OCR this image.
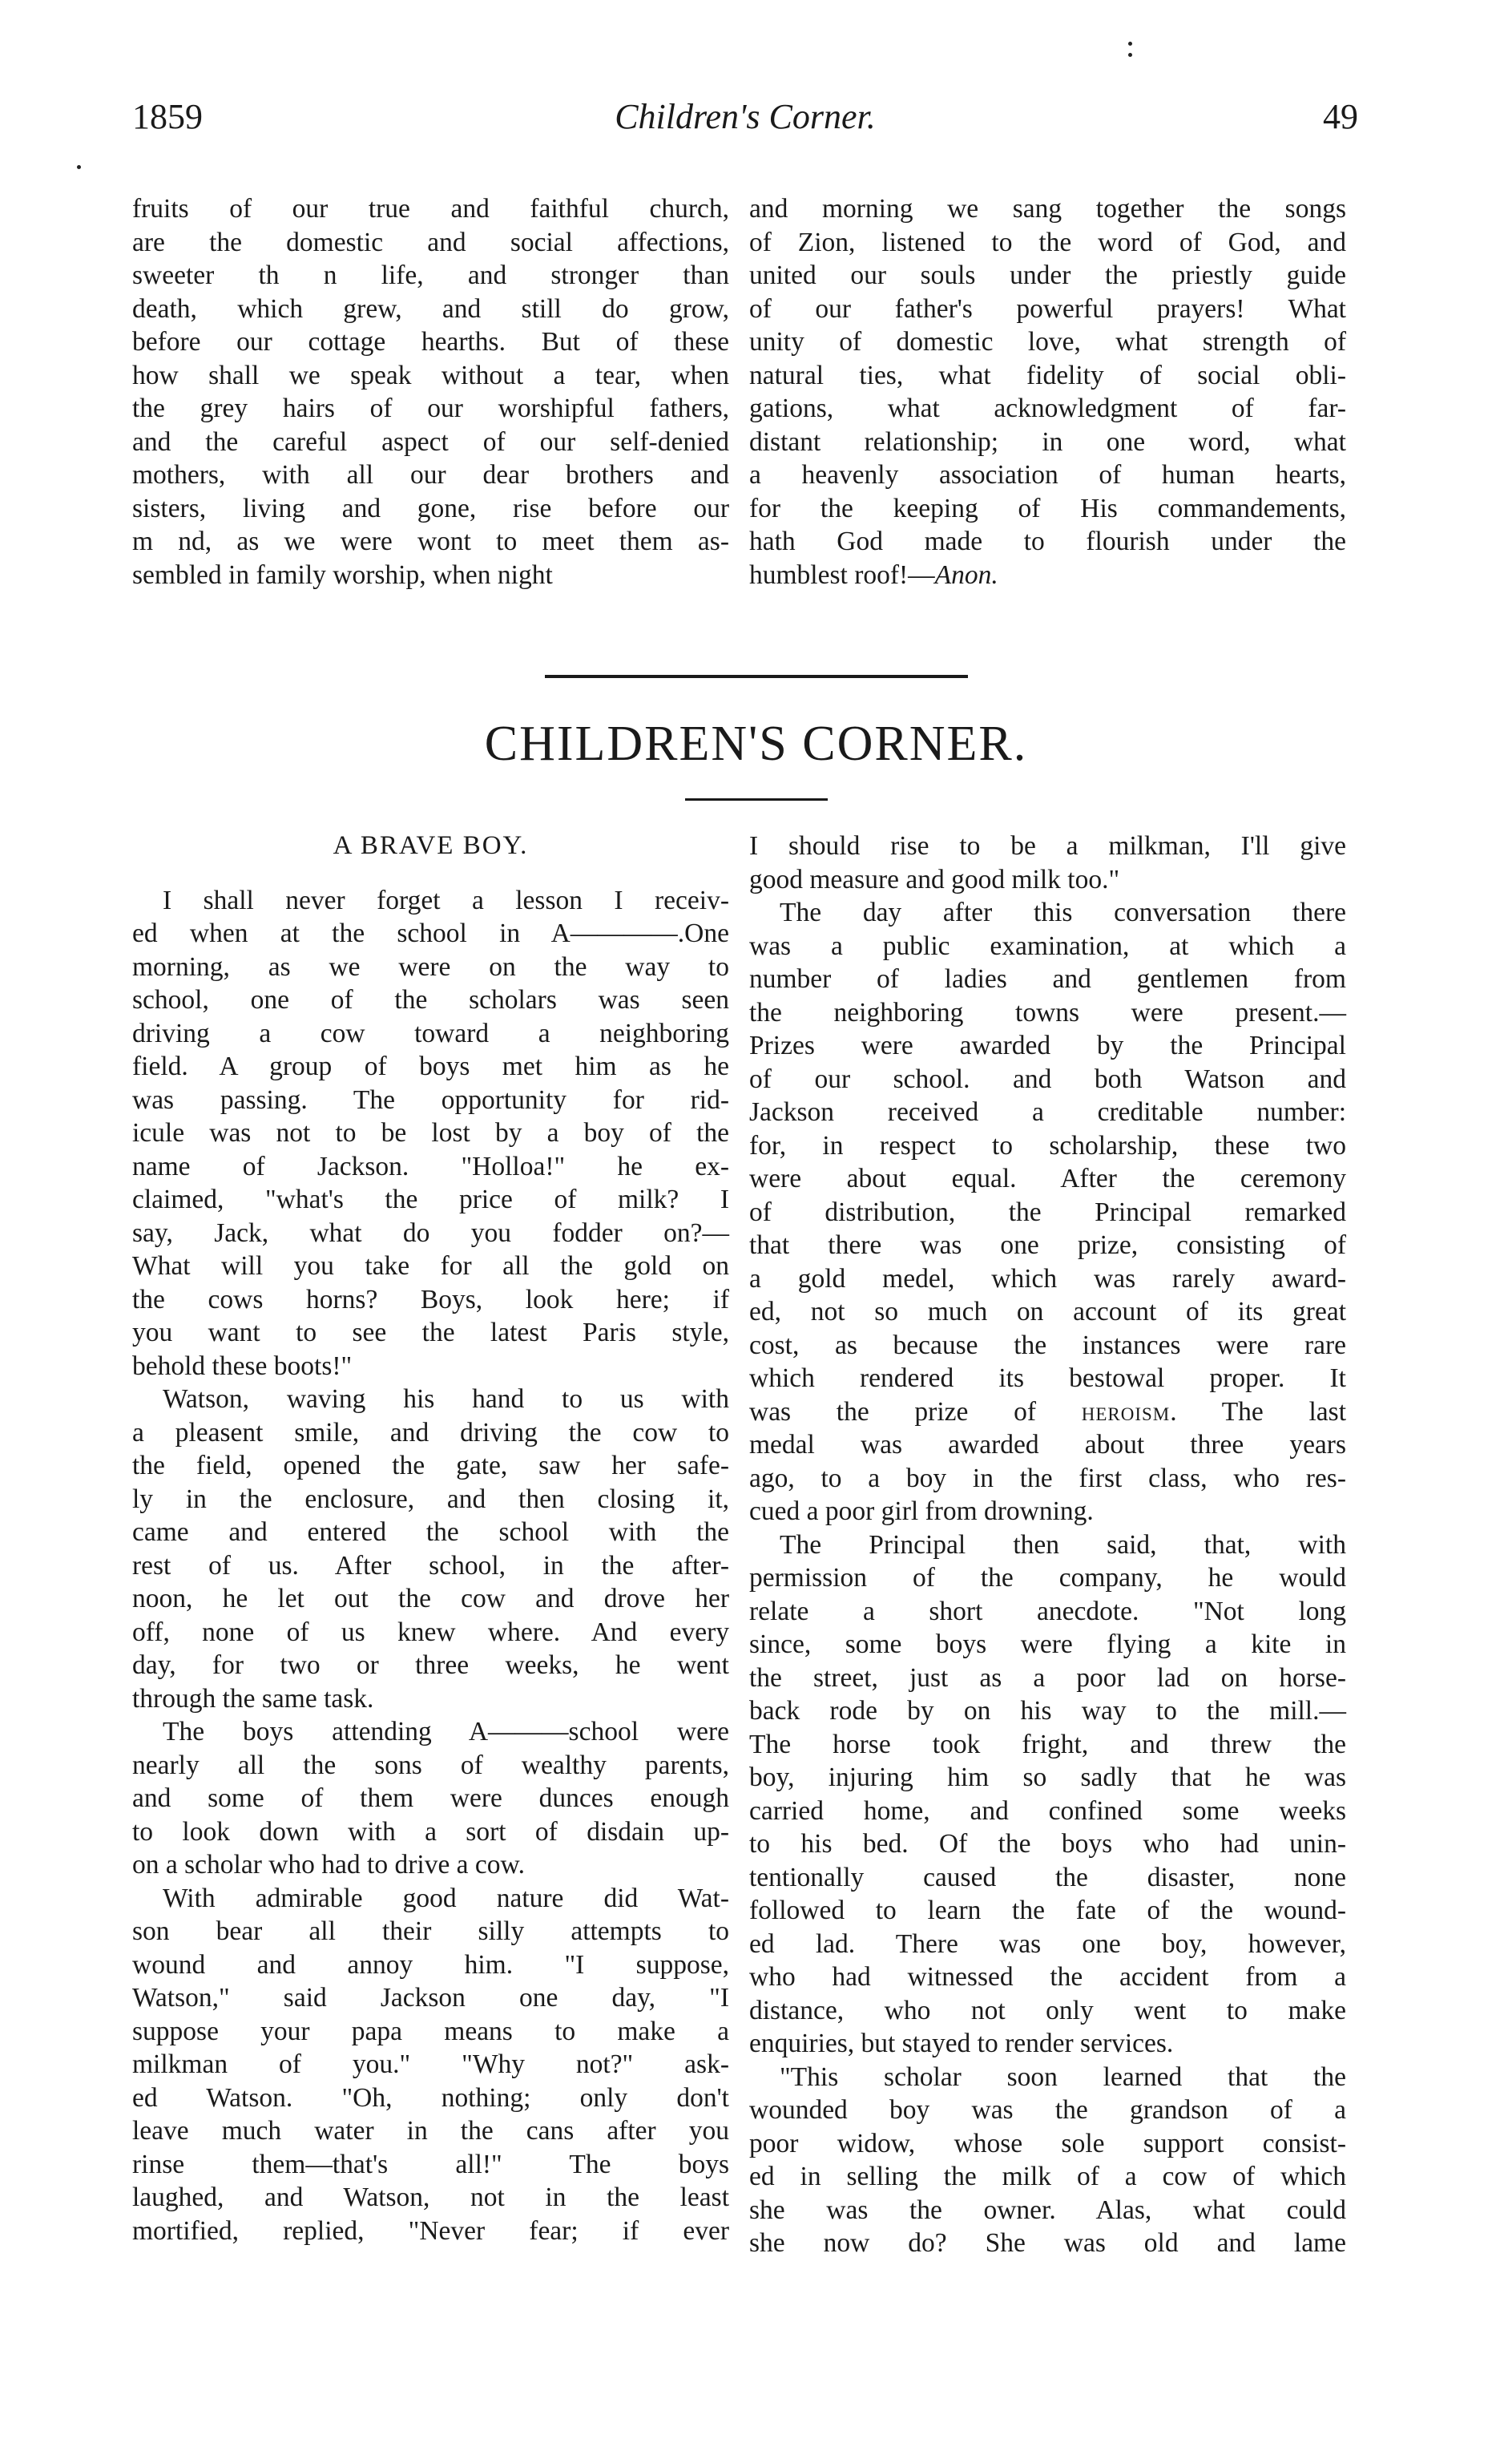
1859	Children's Corner.	49
fruits of our true and faithful church,
are the domestic and social affections,
sweeter th n life, and stronger than
death, which grew, and still do grow,
before our cottage hearths. But of these
how shall we speak without a tear, when
the grey hairs of our worshipful fathers,
and the careful aspect of our self-denied
mothers, with all our dear brothers and
sisters, living and gone, rise before our
m nd, as we were wont to meet them as-
sembled in family worship, when night
and morning we sang together the songs
of Zion, listened to the word of God, and
united our souls under the priestly guide
of our father's powerful prayers! What
unity of domestic love, what strength of
natural ties, what fidelity of social obli-
gations, what acknowledgment of far-
distant relationship; in one word, what
a heavenly association of human hearts,
for the keeping of His commandements,
hath God made to flourish under the
humblest roof!—Anon.
CHILDREN'S CORNER.
A BRAVE BOY.
I shall never forget a lesson I receiv-
ed when at the school in A————.One
morning, as we were on the way to
school, one of the scholars was seen
driving a cow toward a neighboring
field. A group of boys met him as he
was passing. The opportunity for rid-
icule was not to be lost by a boy of the
name of Jackson. "Holloa!" he ex-
claimed, "what's the price of milk? I
say, Jack, what do you fodder on?—
What will you take for all the gold on
the cows horns? Boys, look here; if
you want to see the latest Paris style,
behold these boots!"
Watson, waving his hand to us with
a pleasent smile, and driving the cow to
the field, opened the gate, saw her safe-
ly in the enclosure, and then closing it,
came and entered the school with the
rest of us. After school, in the after-
noon, he let out the cow and drove her
off, none of us knew where. And every
day, for two or three weeks, he went
through the same task.
The boys attending A———school were
nearly all the sons of wealthy parents,
and some of them were dunces enough
to look down with a sort of disdain up-
on a scholar who had to drive a cow.
With admirable good nature did Wat-
son bear all their silly attempts to
wound and annoy him. "I suppose,
Watson," said Jackson one day, "I
suppose your papa means to make a
milkman of you." "Why not?" ask-
ed Watson. "Oh, nothing; only don't
leave much water in the cans after you
rinse them—that's all!" The boys
laughed, and Watson, not in the least
mortified, replied, "Never fear; if ever
I should rise to be a milkman, I'll give
good measure and good milk too."
The day after this conversation there
was a public examination, at which a
number of ladies and gentlemen from
the neighboring towns were present.—
Prizes were awarded by the Principal
of our school. and both Watson and
Jackson received a creditable number:
for, in respect to scholarship, these two
were about equal. After the ceremony
of distribution, the Principal remarked
that there was one prize, consisting of
a gold medel, which was rarely award-
ed, not so much on account of its great
cost, as because the instances were rare
which rendered its bestowal proper. It
was the prize of heroism. The last
medal was awarded about three years
ago, to a boy in the first class, who res-
cued a poor girl from drowning.
The Principal then said, that, with
permission of the company, he would
relate a short anecdote. "Not long
since, some boys were flying a kite in
the street, just as a poor lad on horse-
back rode by on his way to the mill.—
The horse took fright, and threw the
boy, injuring him so sadly that he was
carried home, and confined some weeks
to his bed. Of the boys who had unin-
tentionally caused the disaster, none
followed to learn the fate of the wound-
ed lad. There was one boy, however,
who had witnessed the accident from a
distance, who not only went to make
enquiries, but stayed to render services.
"This scholar soon learned that the
wounded boy was the grandson of a
poor widow, whose sole support consist-
ed in selling the milk of a cow of which
she was the owner. Alas, what could
she now do? She was old and lame
